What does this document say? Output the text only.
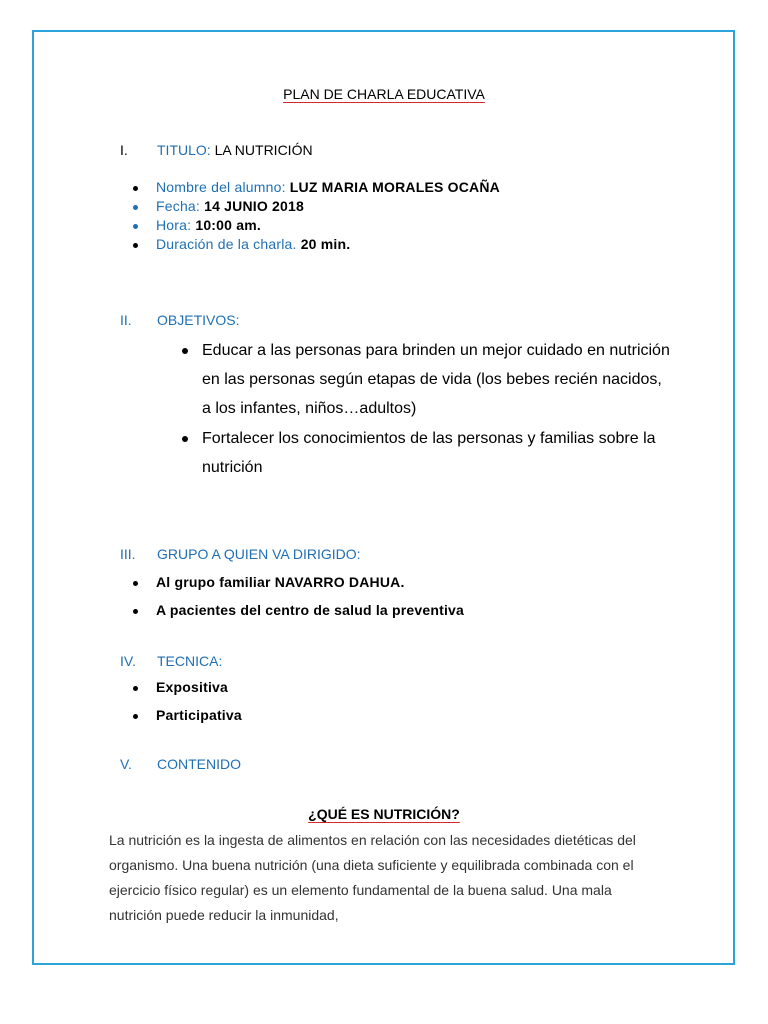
PLAN DE CHARLA EDUCATIVA
I. TITULO: LA NUTRICIÓN
Nombre del alumno: LUZ MARIA MORALES OCAÑA
Fecha: 14 JUNIO 2018
Hora: 10:00 am.
Duración de la charla. 20 min.
II. OBJETIVOS:
Educar a las personas para brinden un mejor cuidado en nutrición en las personas según etapas de vida (los bebes recién nacidos, a los infantes, niños…adultos)
Fortalecer los conocimientos de las personas y familias sobre la nutrición
III. GRUPO A QUIEN VA DIRIGIDO:
Al grupo familiar NAVARRO DAHUA.
A pacientes del centro de salud la preventiva
IV. TECNICA:
Expositiva
Participativa
V. CONTENIDO
¿QUÉ ES NUTRICIÓN?
La nutrición es la ingesta de alimentos en relación con las necesidades dietéticas del organismo. Una buena nutrición (una dieta suficiente y equilibrada combinada con el ejercicio físico regular) es un elemento fundamental de la buena salud. Una mala nutrición puede reducir la inmunidad,
